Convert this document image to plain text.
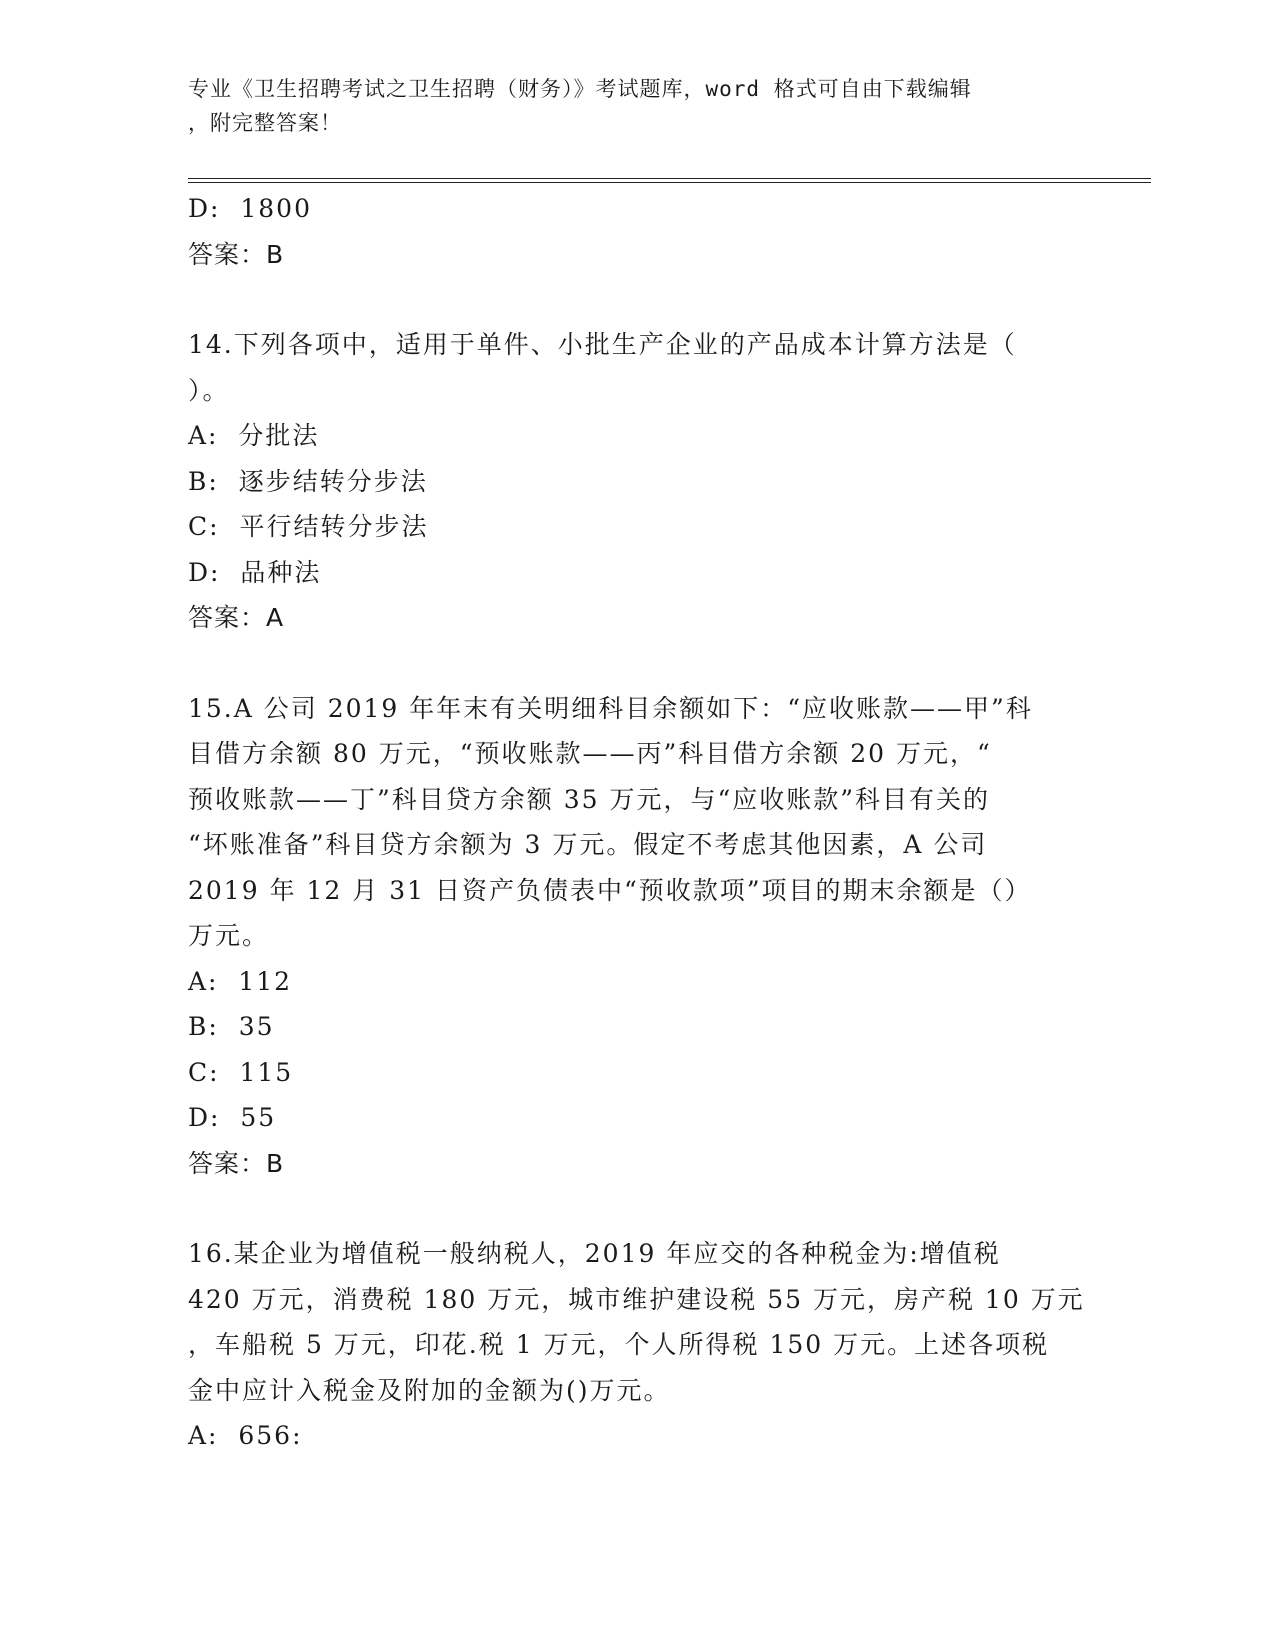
专业《卫生招聘考试之卫生招聘（财务）》考试题库，word 格式可自由下载编辑
，附完整答案！
D:  1800
答案：B
14.下列各项中，适用于单件、小批生产企业的产品成本计算方法是（
）。
A:  分批法
B:  逐步结转分步法
C:  平行结转分步法
D:  品种法
答案：A
15.A 公司 2019 年年末有关明细科目余额如下：“应收账款——甲”科
目借方余额 80 万元，“预收账款——丙”科目借方余额 20 万元，“
预收账款——丁”科目贷方余额 35 万元，与“应收账款”科目有关的
“坏账准备”科目贷方余额为 3 万元。假定不考虑其他因素，A 公司
2019 年 12 月 31 日资产负债表中“预收款项”项目的期末余额是（）
万元。
A:  112
B:  35
C:  115
D:  55
答案：B
16.某企业为增值税一般纳税人，2019 年应交的各种税金为:增值税
420 万元，消费税 180 万元，城市维护建设税 55 万元，房产税 10 万元
，车船税 5 万元，印花.税 1 万元，个人所得税 150 万元。上述各项税
金中应计入税金及附加的金额为()万元。
A:  656:
